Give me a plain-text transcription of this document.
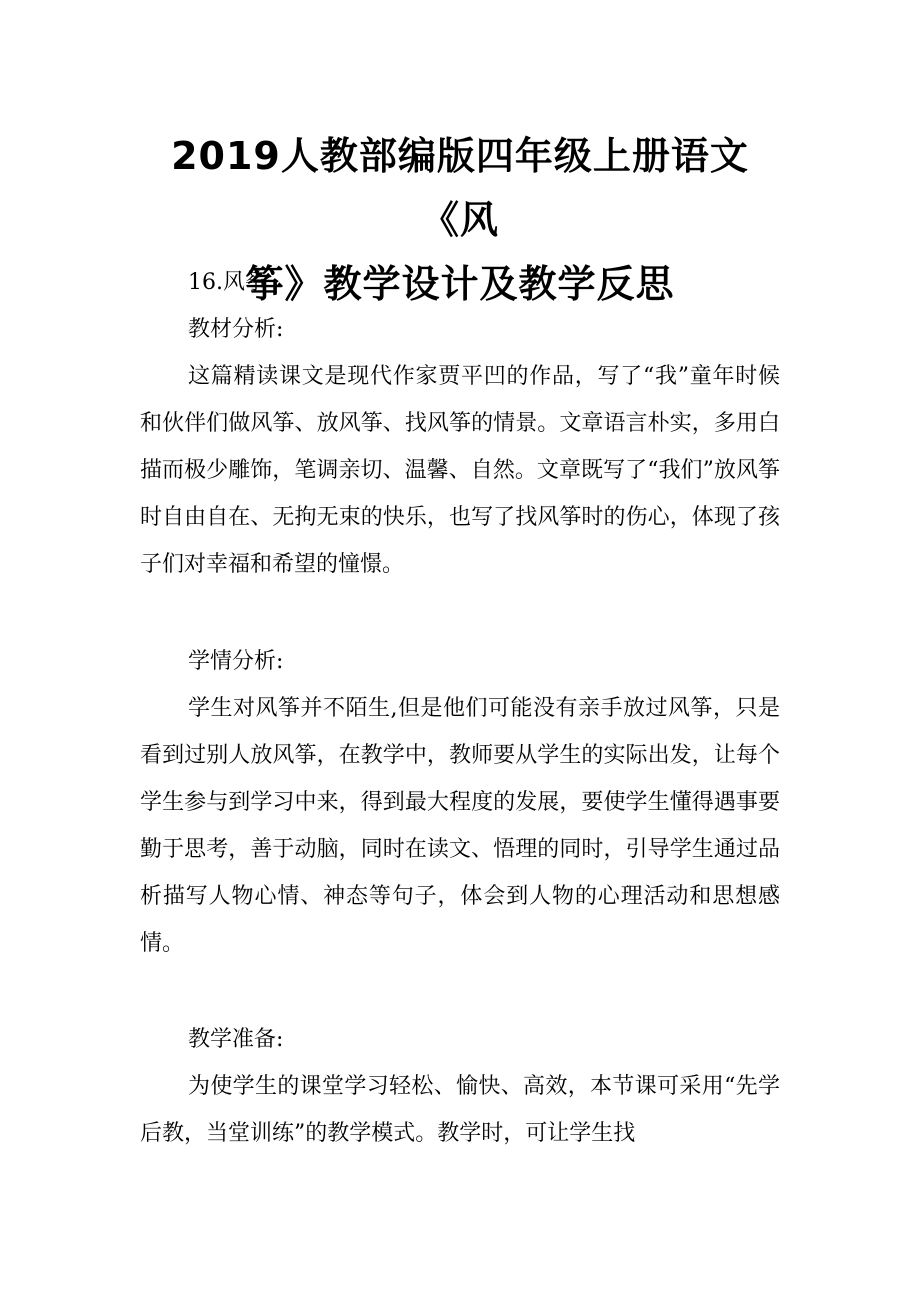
2019人教部编版四年级上册语文《风
筝》教学设计及教学反思

16.风筝

教材分析:

这篇精读课文是现代作家贾平凹的作品，写了“我”童年时候和伙伴们做风筝、放风筝、找风筝的情景。文章语言朴实，多用白描而极少雕饰，笔调亲切、温馨、自然。文章既写了“我们”放风筝时自由自在、无拘无束的快乐，也写了找风筝时的伤心，体现了孩子们对幸福和希望的憧憬。

学情分析:

学生对风筝并不陌生,但是他们可能没有亲手放过风筝，只是看到过别人放风筝，在教学中，教师要从学生的实际出发，让每个学生参与到学习中来，得到最大程度的发展，要使学生懂得遇事要勤于思考，善于动脑，同时在读文、悟理的同时，引导学生通过品析描写人物心情、神态等句子，体会到人物的心理活动和思想感情。

教学准备:

为使学生的课堂学习轻松、愉快、高效，本节课可采用“先学后教，当堂训练”的教学模式。教学时，可让学生找
